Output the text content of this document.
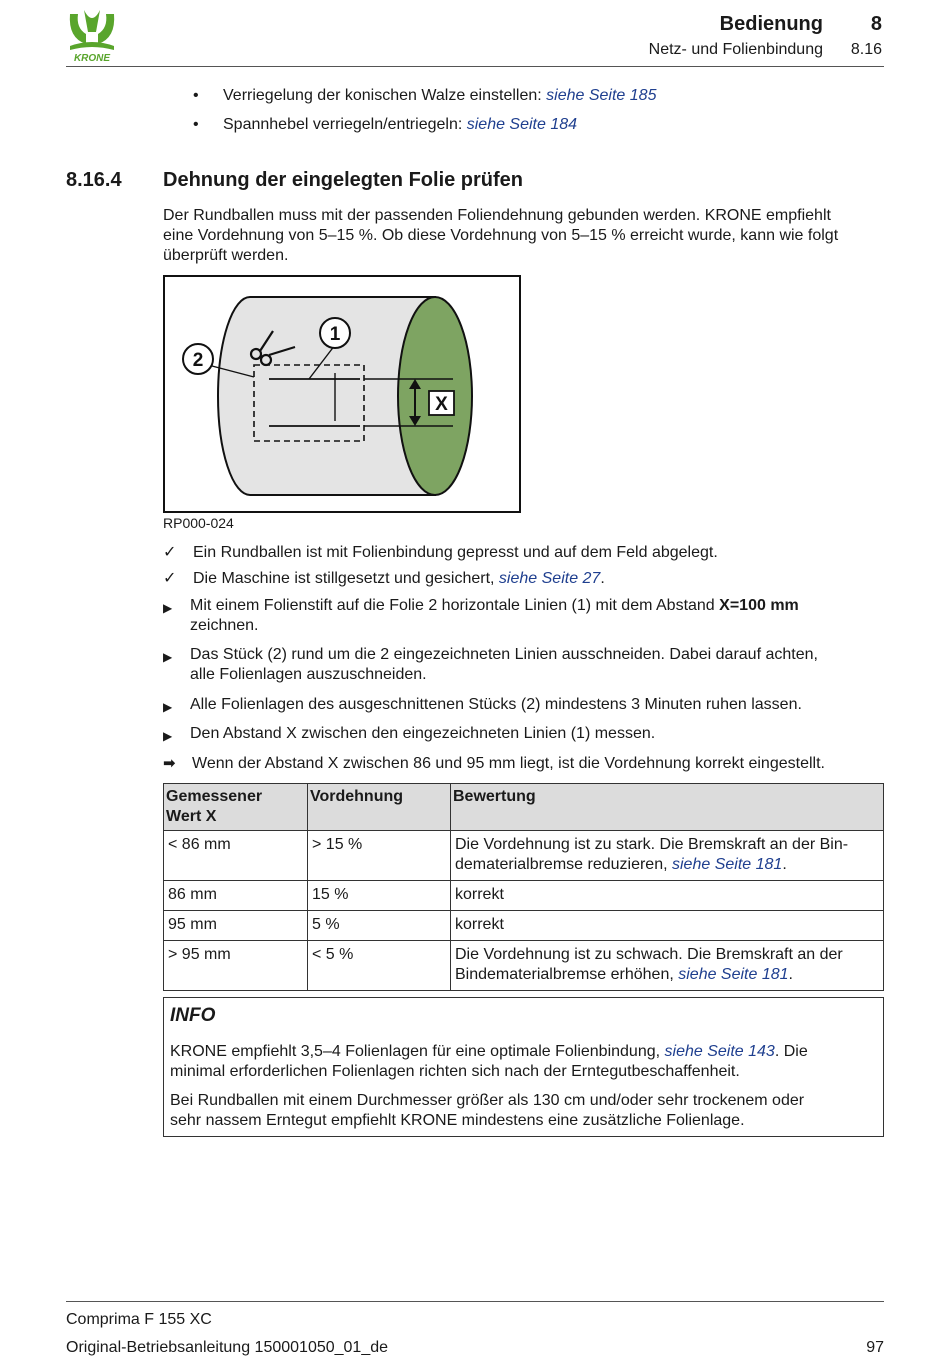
KRONE
Bedienung 8
Netz- und Folienbindung 8.16
• Verriegelung der konischen Walze einstellen: siehe Seite 185
• Spannhebel verriegeln/entriegeln: siehe Seite 184
8.16.4 Dehnung der eingelegten Folie prüfen
Der Rundballen muss mit der passenden Foliendehnung gebunden werden. KRONE empfiehlt
eine Vordehnung von 5–15 %. Ob diese Vordehnung von 5–15 % erreicht wurde, kann wie folgt
überprüft werden.
X
1
2
RP000-024
✓	Ein Rundballen ist mit Folienbindung gepresst und auf dem Feld abgelegt.
✓	Die Maschine ist stillgesetzt und gesichert, siehe Seite 27.
▶	Mit einem Folienstift auf die Folie 2 horizontale Linien (1) mit dem Abstand X=100 mm
zeichnen.
▶	Das Stück (2) rund um die 2 eingezeichneten Linien ausschneiden. Dabei darauf achten,
alle Folienlagen auszuschneiden.
▶	Alle Folienlagen des ausgeschnittenen Stücks (2) mindestens 3 Minuten ruhen lassen.
▶	Den Abstand X zwischen den eingezeichneten Linien (1) messen.
➡	Wenn der Abstand X zwischen 86 und 95 mm liegt, ist die Vordehnung korrekt eingestellt.
Gemessener
Wert X	Vordehnung	Bewertung
< 86 mm	> 15 %	Die Vordehnung ist zu stark. Die Bremskraft an der Bin-
dematerialbremse reduzieren, siehe Seite 181.
86 mm	15 %	korrekt
95 mm	5 %	korrekt
> 95 mm	< 5 %	Die Vordehnung ist zu schwach. Die Bremskraft an der
Bindematerialbremse erhöhen, siehe Seite 181.
INFO
KRONE empfiehlt 3,5–4 Folienlagen für eine optimale Folienbindung, siehe Seite 143. Die
minimal erforderlichen Folienlagen richten sich nach der Erntegutbeschaffenheit.
Bei Rundballen mit einem Durchmesser größer als 130 cm und/oder sehr trockenem oder
sehr nassem Erntegut empfiehlt KRONE mindestens eine zusätzliche Folienlage.
Comprima F 155 XC
Original-Betriebsanleitung 150001050_01_de	97
